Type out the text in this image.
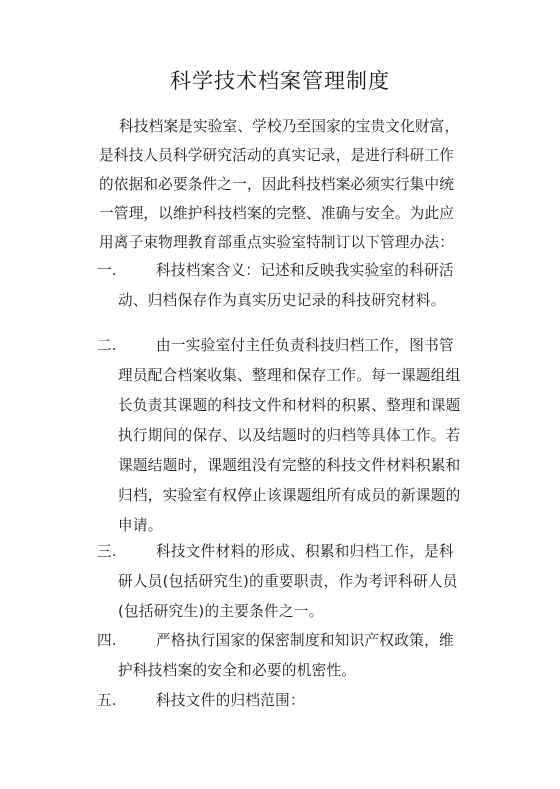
科学技术档案管理制度
科技档案是实验室、学校乃至国家的宝贵文化财富，
是科技人员科学研究活动的真实记录，是进行科研工作
的依据和必要条件之一，因此科技档案必须实行集中统
一管理，以维护科技档案的完整、准确与安全。为此应
用离子束物理教育部重点实验室特制订以下管理办法：
一.	科技档案含义：记述和反映我实验室的科研活
动、归档保存作为真实历史记录的科技研究材料。
二.	由一实验室付主任负责科技归档工作，图书管
理员配合档案收集、整理和保存工作。每一课题组组
长负责其课题的科技文件和材料的积累、整理和课题
执行期间的保存、以及结题时的归档等具体工作。若
课题结题时，课题组没有完整的科技文件材料积累和
归档，实验室有权停止该课题组所有成员的新课题的
申请。
三.	科技文件材料的形成、积累和归档工作，是科
研人员(包括研究生)的重要职责，作为考评科研人员
(包括研究生)的主要条件之一。
四.	严格执行国家的保密制度和知识产权政策，维
护科技档案的安全和必要的机密性。
五.	科技文件的归档范围：
